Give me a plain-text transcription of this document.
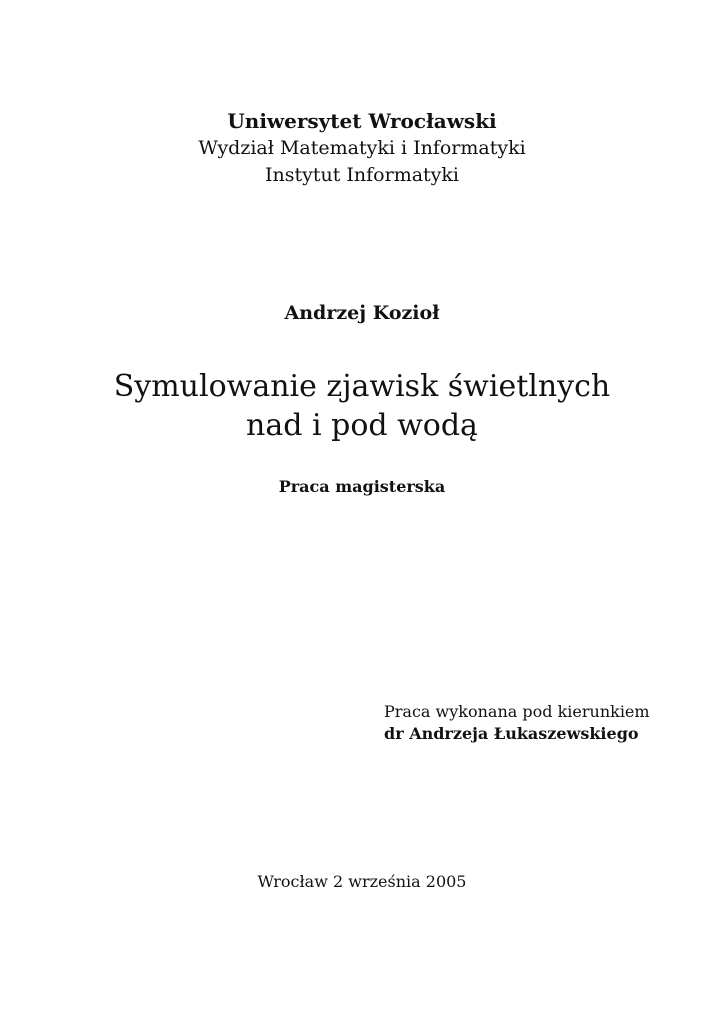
Uniwersytet Wrocławski
Wydział Matematyki i Informatyki
Instytut Informatyki
Andrzej Kozioł
Symulowanie zjawisk świetlnych
nad i pod wodą
Praca magisterska
Praca wykonana pod kierunkiem
dr Andrzeja Łukaszewskiego
Wrocław 2 września 2005
